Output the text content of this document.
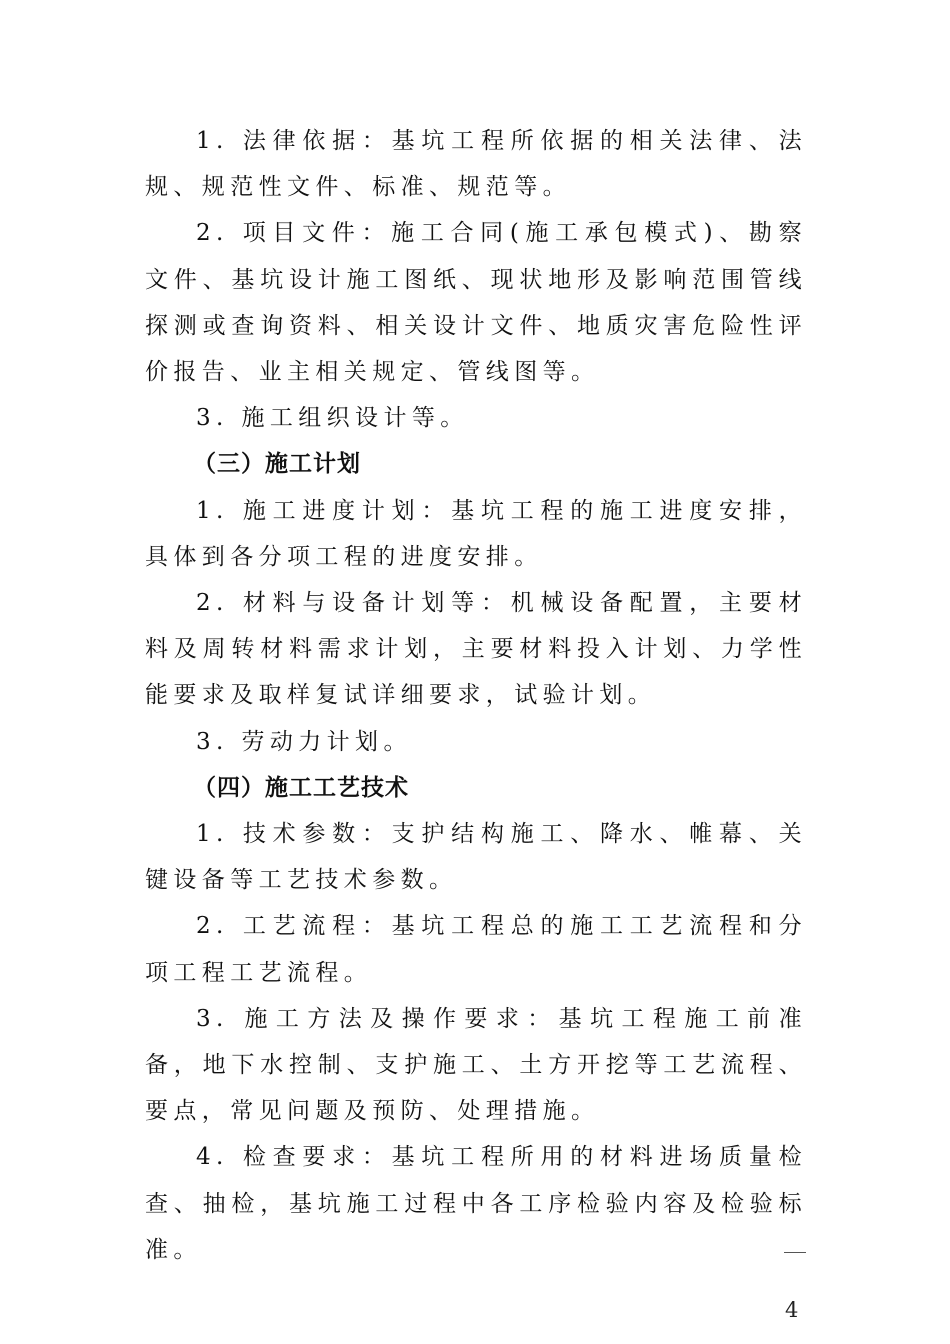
1. 法律依据：基坑工程所依据的相关法律、法规、规范性文件、标准、规范等。

2. 项目文件：施工合同(施工承包模式)、勘察文件、基坑设计施工图纸、现状地形及影响范围管线探测或查询资料、相关设计文件、地质灾害危险性评价报告、业主相关规定、管线图等。

3. 施工组织设计等。

（三）施工计划

1. 施工进度计划：基坑工程的施工进度安排，具体到各分项工程的进度安排。

2. 材料与设备计划等：机械设备配置，主要材料及周转材料需求计划，主要材料投入计划、力学性能要求及取样复试详细要求，试验计划。

3. 劳动力计划。

（四）施工工艺技术

1. 技术参数：支护结构施工、降水、帷幕、关键设备等工艺技术参数。

2. 工艺流程：基坑工程总的施工工艺流程和分项工程工艺流程。

3. 施工方法及操作要求：基坑工程施工前准备，地下水控制、支护施工、土方开挖等工艺流程、要点，常见问题及预防、处理措施。

4. 检查要求：基坑工程所用的材料进场质量检查、抽检，基坑施工过程中各工序检验内容及检验标准。

4
